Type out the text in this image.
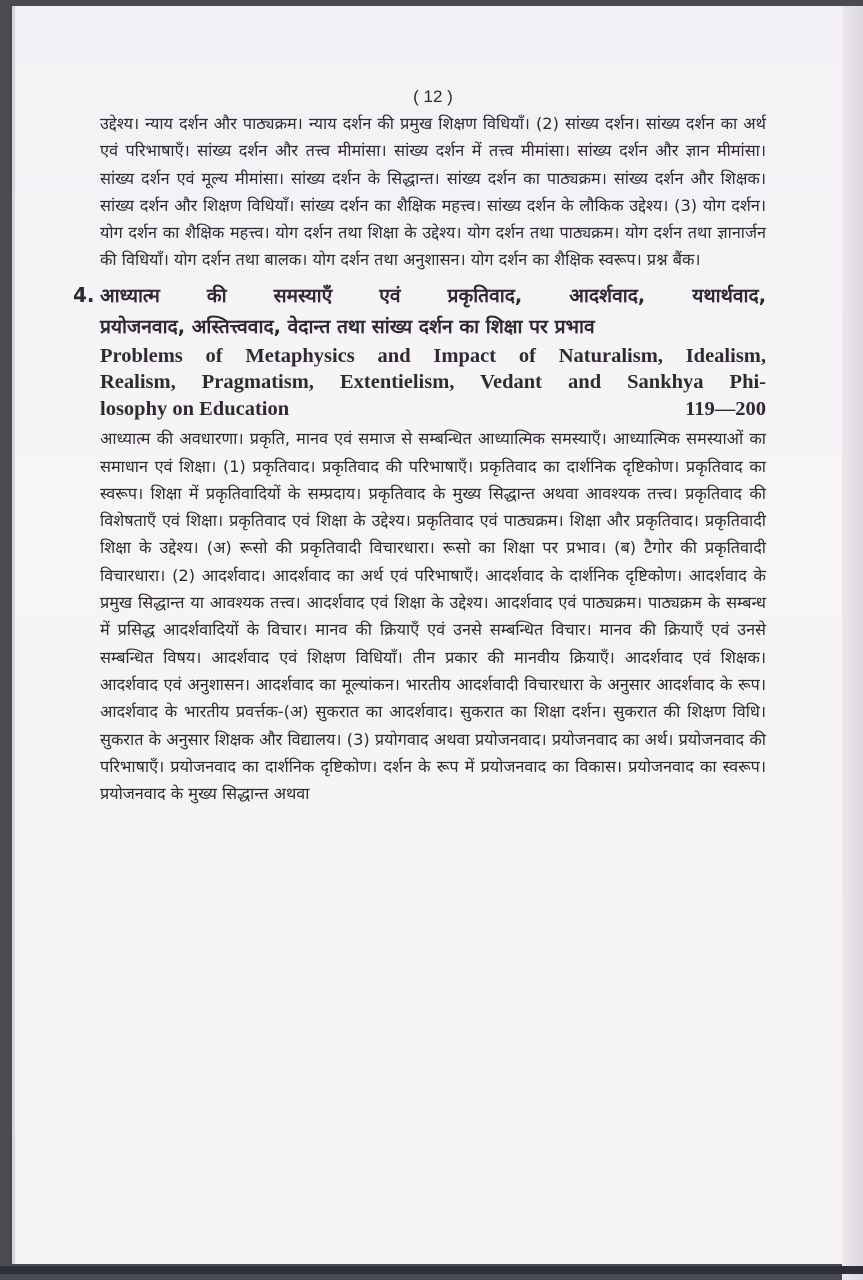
( 12 )

उद्देश्य। न्याय दर्शन और पाठ्यक्रम। न्याय दर्शन की प्रमुख शिक्षण विधियाँ। (2) सांख्य दर्शन। सांख्य दर्शन का अर्थ एवं परिभाषाएँ। सांख्य दर्शन और तत्त्व मीमांसा। सांख्य दर्शन में तत्त्व मीमांसा। सांख्य दर्शन और ज्ञान मीमांसा। सांख्य दर्शन एवं मूल्य मीमांसा। सांख्य दर्शन के सिद्धान्त। सांख्य दर्शन का पाठ्यक्रम। सांख्य दर्शन और शिक्षक। सांख्य दर्शन और शिक्षण विधियाँ। सांख्य दर्शन का शैक्षिक महत्त्व। सांख्य दर्शन के लौकिक उद्देश्य। (3) योग दर्शन। योग दर्शन का शैक्षिक महत्त्व। योग दर्शन तथा शिक्षा के उद्देश्य। योग दर्शन तथा पाठ्यक्रम। योग दर्शन तथा ज्ञानार्जन की विधियाँ। योग दर्शन तथा बालक। योग दर्शन तथा अनुशासन। योग दर्शन का शैक्षिक स्वरूप। प्रश्न बैंक।

4. आध्यात्म की समस्याएँ एवं प्रकृतिवाद, आदर्शवाद, यथार्थवाद,

प्रयोजनवाद, अस्तित्त्ववाद, वेदान्त तथा सांख्य दर्शन का शिक्षा पर प्रभाव

Problems of Metaphysics and Impact of Naturalism, Idealism,
Realism, Pragmatism, Extentielism, Vedant and Sankhya Phi-
losophy on Education	119—200

आध्यात्म की अवधारणा। प्रकृति, मानव एवं समाज से सम्बन्धित आध्यात्मिक समस्याएँ। आध्यात्मिक समस्याओं का समाधान एवं शिक्षा। (1) प्रकृतिवाद। प्रकृतिवाद की परिभाषाएँ। प्रकृतिवाद का दार्शनिक दृष्टिकोण। प्रकृतिवाद का स्वरूप। शिक्षा में प्रकृतिवादियों के सम्प्रदाय। प्रकृतिवाद के मुख्य सिद्धान्त अथवा आवश्यक तत्त्व। प्रकृतिवाद की विशेषताएँ एवं शिक्षा। प्रकृतिवाद एवं शिक्षा के उद्देश्य। प्रकृतिवाद एवं पाठ्यक्रम। शिक्षा और प्रकृतिवाद। प्रकृतिवादी शिक्षा के उद्देश्य। (अ) रूसो की प्रकृतिवादी विचारधारा। रूसो का शिक्षा पर प्रभाव। (ब) टैगोर की प्रकृतिवादी विचारधारा। (2) आदर्शवाद। आदर्शवाद का अर्थ एवं परिभाषाएँ। आदर्शवाद के दार्शनिक दृष्टिकोण। आदर्शवाद के प्रमुख सिद्धान्त या आवश्यक तत्त्व। आदर्शवाद एवं शिक्षा के उद्देश्य। आदर्शवाद एवं पाठ्यक्रम। पाठ्यक्रम के सम्बन्ध में प्रसिद्ध आदर्शवादियों के विचार। मानव की क्रियाएँ एवं उनसे सम्बन्धित विचार। मानव की क्रियाएँ एवं उनसे सम्बन्धित विषय। आदर्शवाद एवं शिक्षण विधियाँ। तीन प्रकार की मानवीय क्रियाएँ। आदर्शवाद एवं शिक्षक। आदर्शवाद एवं अनुशासन। आदर्शवाद का मूल्यांकन। भारतीय आदर्शवादी विचारधारा के अनुसार आदर्शवाद के रूप। आदर्शवाद के भारतीय प्रवर्त्तक-(अ) सुकरात का आदर्शवाद। सुकरात का शिक्षा दर्शन। सुकरात की शिक्षण विधि। सुकरात के अनुसार शिक्षक और विद्यालय। (3) प्रयोगवाद अथवा प्रयोजनवाद। प्रयोजनवाद का अर्थ। प्रयोजनवाद की परिभाषाएँ। प्रयोजनवाद का दार्शनिक दृष्टिकोण। दर्शन के रूप में प्रयोजनवाद का विकास। प्रयोजनवाद का स्वरूप। प्रयोजनवाद के मुख्य सिद्धान्त अथवा
